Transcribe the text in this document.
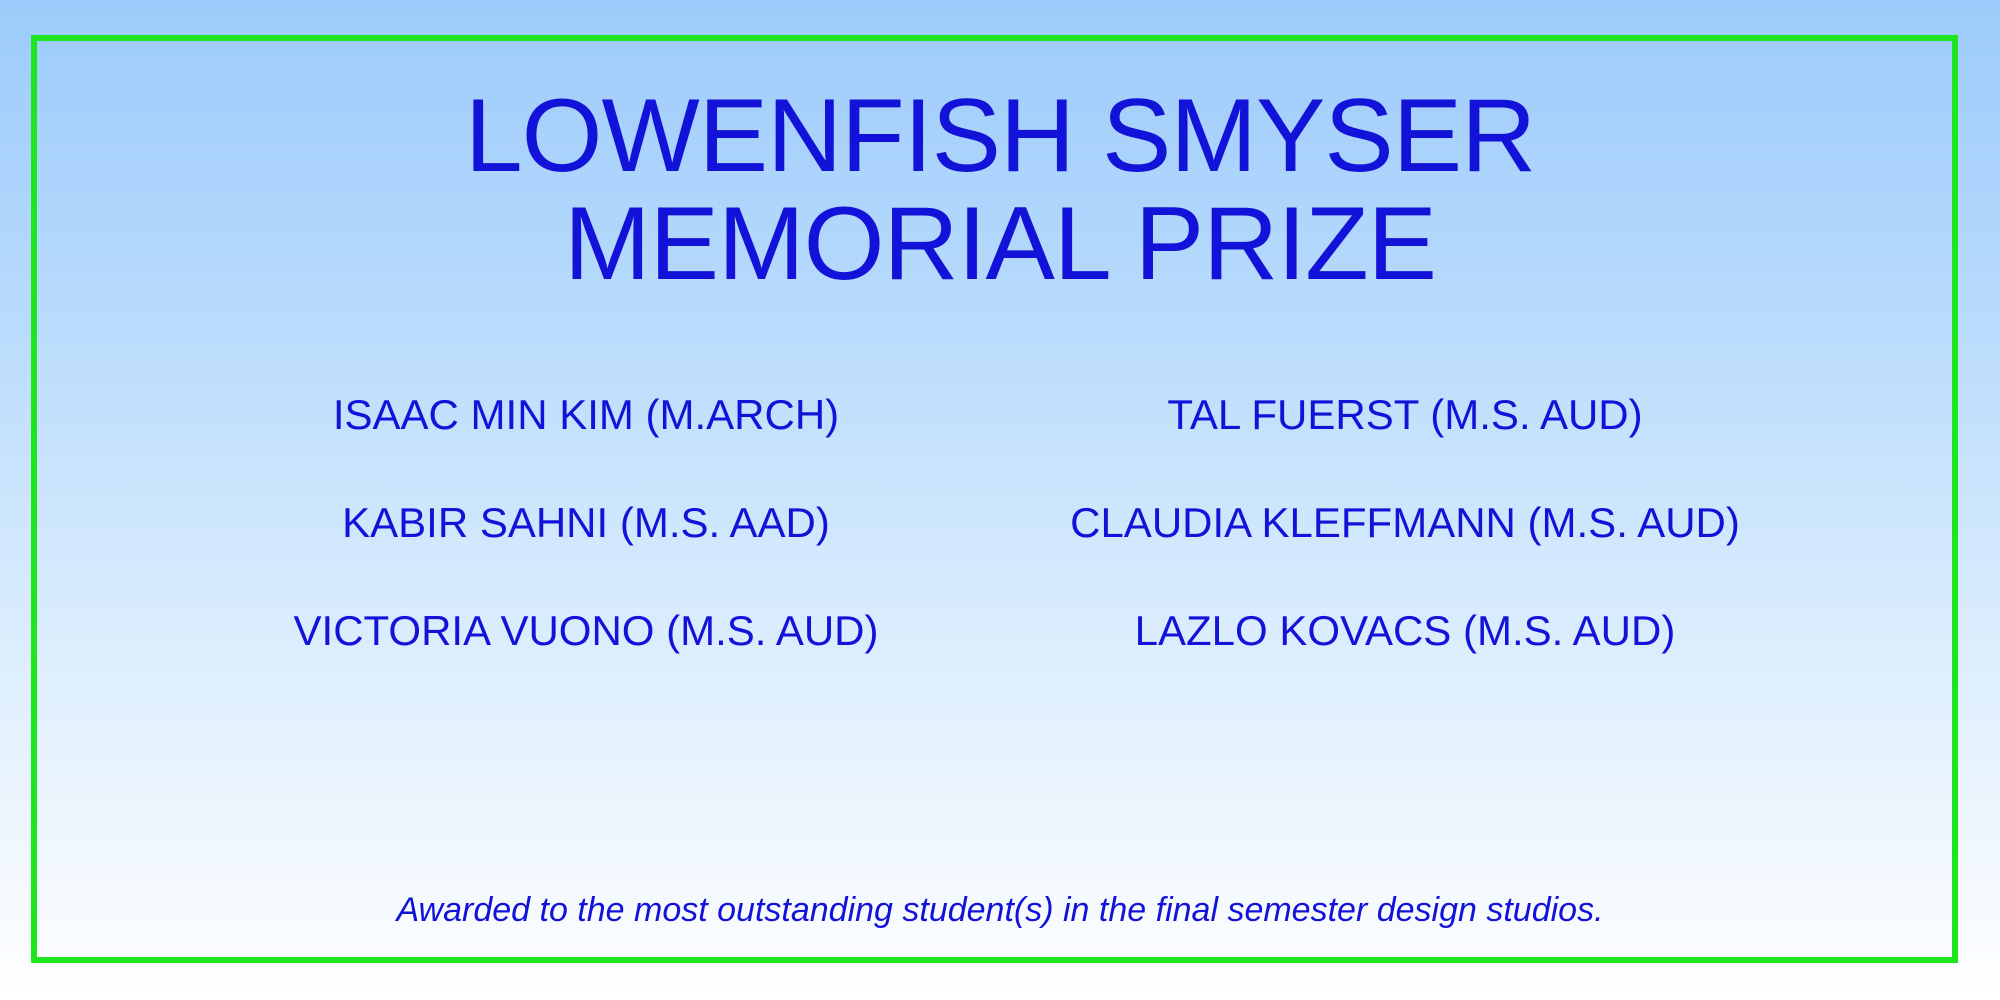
LOWENFISH SMYSER
MEMORIAL PRIZE
ISAAC MIN KIM (M.ARCH)
KABIR SAHNI (M.S. AAD)
VICTORIA VUONO (M.S. AUD)
TAL FUERST (M.S. AUD)
CLAUDIA KLEFFMANN (M.S. AUD)
LAZLO KOVACS (M.S. AUD)
Awarded to the most outstanding student(s) in the final semester design studios.
